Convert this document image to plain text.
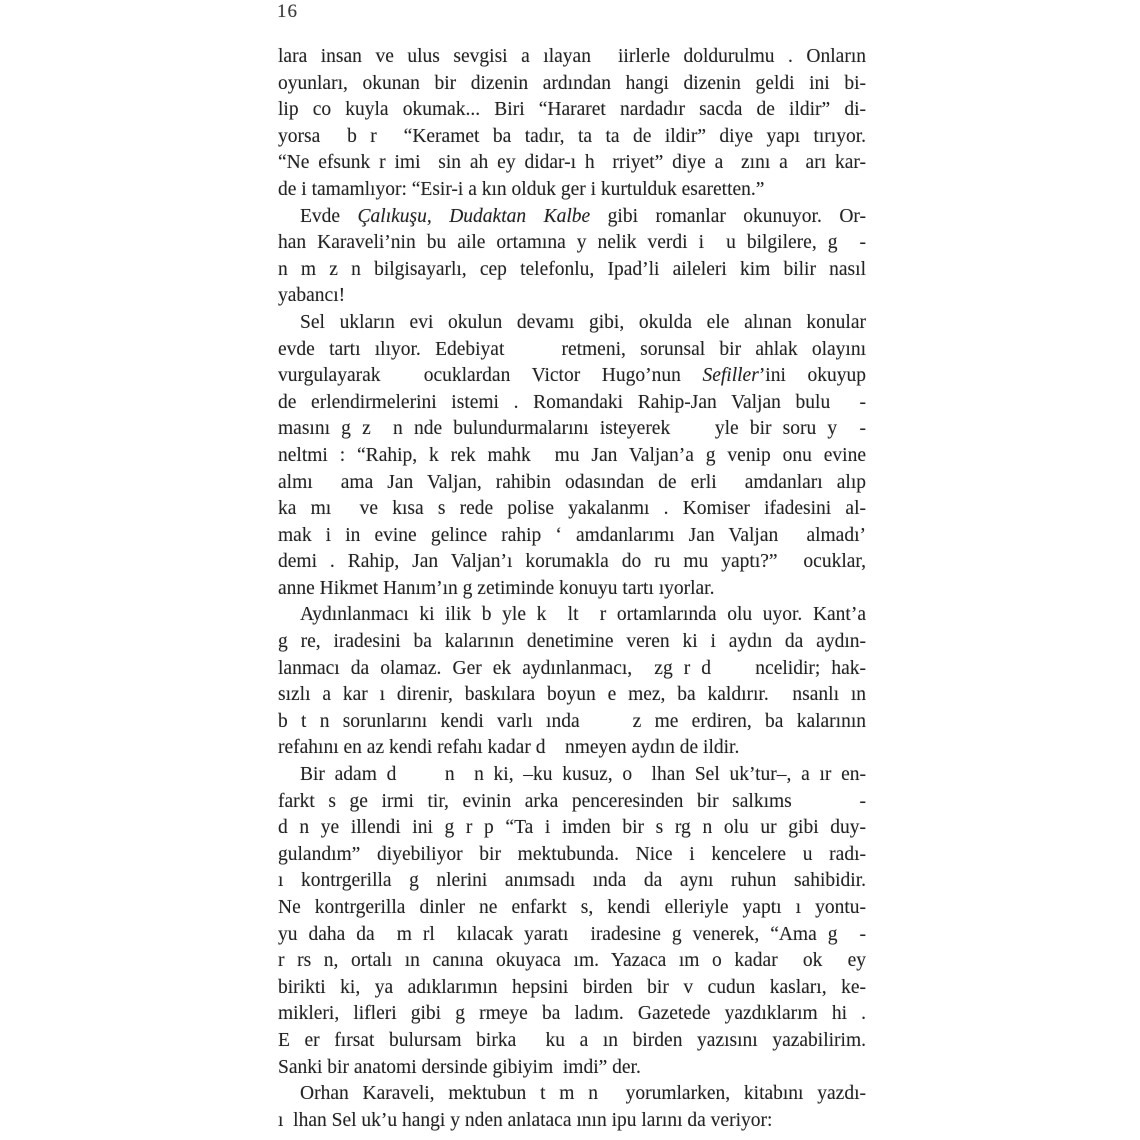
16
lara insan ve ulus sevgisi a ılayan  iirlerle doldurulmu . Onların
oyunları, okunan bir dizenin ardından hangi dizenin geldi ini bi-
lip co kuyla okumak... Biri “Hararet nardadır sacda de ildir” di-
yorsa  b r  “Keramet ba tadır, ta ta de ildir” diye yapı tırıyor.
“Ne efsunk r imi  sin ah ey didar-ı h  rriyet” diye a  zını a  arı kar-
de i tamamlıyor: “Esir-i a kın olduk ger i kurtulduk esaretten.”
Evde Çalıkuşu, Dudaktan Kalbe gibi romanlar okunuyor. Or-
han Karaveli’nin bu aile ortamına y nelik verdi i  u bilgilere, g  -
n m z n bilgisayarlı, cep telefonlu, Ipad’li aileleri kim bilir nasıl
yabancı!
Sel ukların evi okulun devamı gibi, okulda ele alınan konular
evde tartı ılıyor. Edebiyat    retmeni, sorunsal bir ahlak olayını
vurgulayarak  ocuklardan Victor Hugo’nun Sefiller’ini okuyup
de erlendirmelerini istemi . Romandaki Rahip-Jan Valjan bulu  -
masını g z  n nde bulundurmalarını isteyerek    yle bir soru y  -
neltmi : “Rahip, k rek mahk  mu Jan Valjan’a g venip onu evine
almı  ama Jan Valjan, rahibin odasından de erli  amdanları alıp
ka mı  ve kısa s rede polise yakalanmı . Komiser ifadesini al-
mak i in evine gelince rahip ‘ amdanlarımı Jan Valjan  almadı’
demi . Rahip, Jan Valjan’ı korumakla do ru mu yaptı?”  ocuklar,
anne Hikmet Hanım’ın g zetiminde konuyu tartı ıyorlar.
Aydınlanmacı ki ilik b yle k  lt  r ortamlarında olu uyor. Kant’a
g re, iradesini ba kalarının denetimine veren ki i aydın da aydın-
lanmacı da olamaz. Ger ek aydınlanmacı,  zg r d    ncelidir; hak-
sızlı a kar ı direnir, baskılara boyun e mez, ba kaldırır.  nsanlı ın
b t n sorunlarını kendi varlı ında    z me erdiren, ba kalarının
refahını en az kendi refahı kadar d    nmeyen aydın de ildir.
Bir adam d     n  n ki, –ku kusuz, o  lhan Sel uk’tur–, a ır en-
farkt s ge irmi tir, evinin arka penceresinden bir salkıms     -
d n ye illendi ini g r p “Ta i imden bir s rg n olu ur gibi duy-
gulandım” diyebiliyor bir mektubunda. Nice i kencelere u radı-
ı kontrgerilla g nlerini anımsadı ında da aynı ruhun sahibidir.
Ne kontrgerilla dinler ne enfarkt s, kendi elleriyle yaptı ı yontu-
yu daha da  m rl  kılacak yaratı  iradesine g venerek, “Ama g  -
r rs n, ortalı ın canına okuyaca ım. Yazaca ım o kadar  ok  ey
birikti ki, ya adıklarımın hepsini birden bir v cudun kasları, ke-
mikleri, lifleri gibi g rmeye ba ladım. Gazetede yazdıklarım hi .
E er fırsat bulursam birka  ku a ın birden yazısını yazabilirim.
Sanki bir anatomi dersinde gibiyim  imdi” der.
Orhan Karaveli, mektubun t m n  yorumlarken, kitabını yazdı-
ı  lhan Sel uk’u hangi y nden anlataca ının ipu larını da veriyor:
